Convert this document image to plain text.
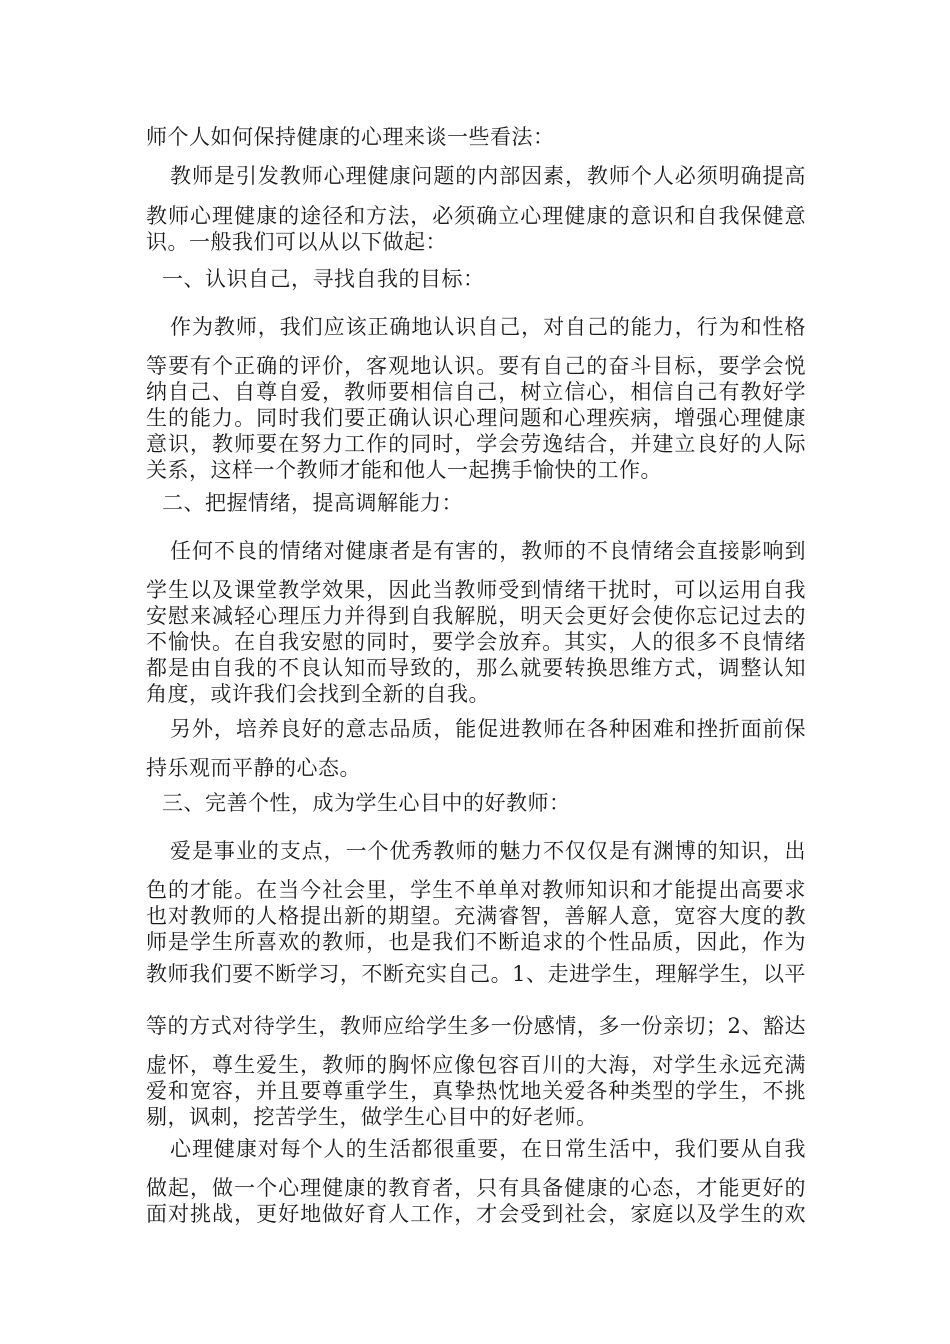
师个人如何保持健康的心理来谈一些看法：
教师是引发教师心理健康问题的内部因素，教师个人必须明确提高
教师心理健康的途径和方法，必须确立心理健康的意识和自我保健意
识。一般我们可以从以下做起：
一、认识自己，寻找自我的目标：
作为教师，我们应该正确地认识自己，对自己的能力，行为和性格
等要有个正确的评价，客观地认识。要有自己的奋斗目标，要学会悦
纳自己、自尊自爱，教师要相信自己，树立信心，相信自己有教好学
生的能力。同时我们要正确认识心理问题和心理疾病，增强心理健康
意识，教师要在努力工作的同时，学会劳逸结合，并建立良好的人际
关系，这样一个教师才能和他人一起携手愉快的工作。
二、把握情绪，提高调解能力：
任何不良的情绪对健康者是有害的，教师的不良情绪会直接影响到
学生以及课堂教学效果，因此当教师受到情绪干扰时，可以运用自我
安慰来减轻心理压力并得到自我解脱，明天会更好会使你忘记过去的
不愉快。在自我安慰的同时，要学会放弃。其实，人的很多不良情绪
都是由自我的不良认知而导致的，那么就要转换思维方式，调整认知
角度，或许我们会找到全新的自我。
另外，培养良好的意志品质，能促进教师在各种困难和挫折面前保
持乐观而平静的心态。
三、完善个性，成为学生心目中的好教师：
爱是事业的支点，一个优秀教师的魅力不仅仅是有渊博的知识，出
色的才能。在当今社会里，学生不单单对教师知识和才能提出高要求
也对教师的人格提出新的期望。充满睿智，善解人意，宽容大度的教
师是学生所喜欢的教师，也是我们不断追求的个性品质，因此，作为
教师我们要不断学习，不断充实自己。1、走进学生，理解学生，以平
等的方式对待学生，教师应给学生多一份感情，多一份亲切；2、豁达
虚怀，尊生爱生，教师的胸怀应像包容百川的大海，对学生永远充满
爱和宽容，并且要尊重学生，真挚热忱地关爱各种类型的学生，不挑
剔，讽刺，挖苦学生，做学生心目中的好老师。
心理健康对每个人的生活都很重要，在日常生活中，我们要从自我
做起，做一个心理健康的教育者，只有具备健康的心态，才能更好的
面对挑战，更好地做好育人工作，才会受到社会，家庭以及学生的欢
